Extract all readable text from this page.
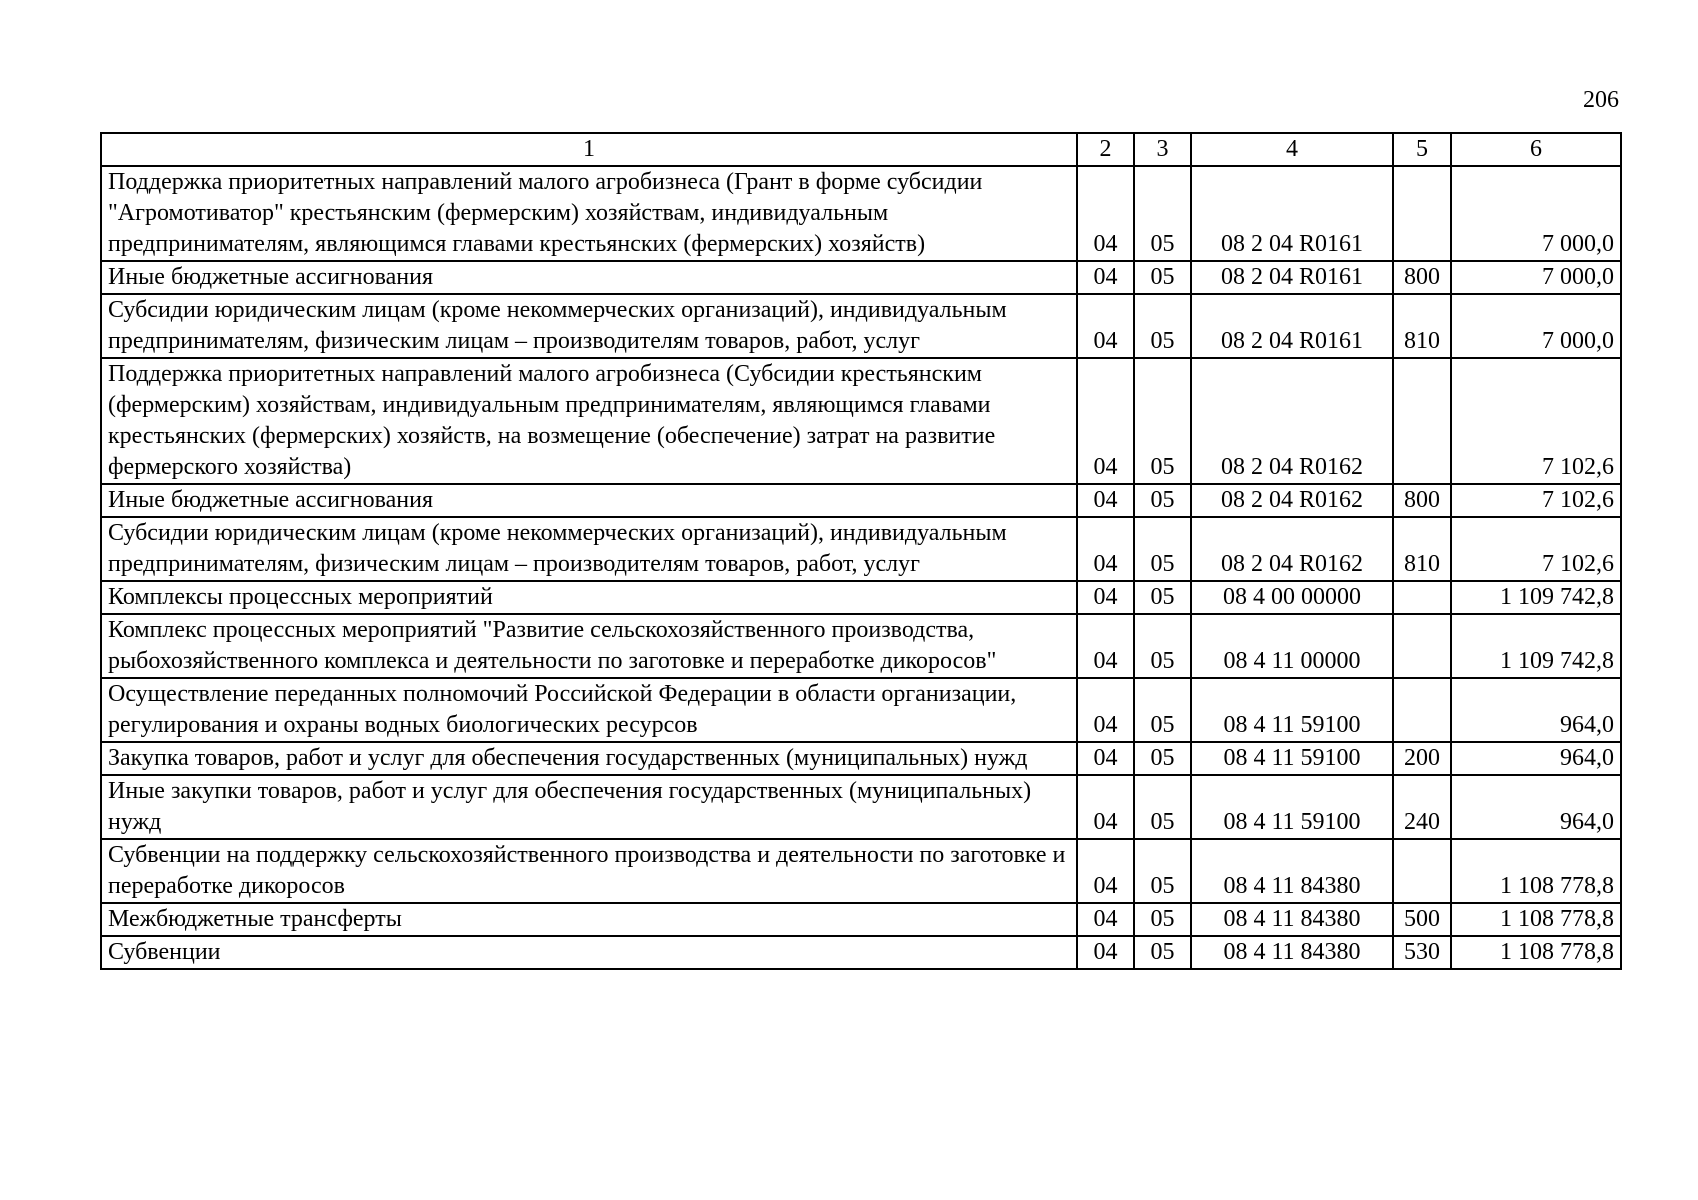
206
1	2	3	4	5	6
Поддержка приоритетных направлений малого агробизнеса (Грант в форме субсидии "Агромотиватор" крестьянским (фермерским) хозяйствам, индивидуальным предпринимателям, являющимся главами крестьянских (фермерских) хозяйств)	04	05	08 2 04 R0161		7 000,0
Иные бюджетные ассигнования	04	05	08 2 04 R0161	800	7 000,0
Субсидии юридическим лицам (кроме некоммерческих организаций), индивидуальным предпринимателям, физическим лицам – производителям товаров, работ, услуг	04	05	08 2 04 R0161	810	7 000,0
Поддержка приоритетных направлений малого агробизнеса (Субсидии крестьянским (фермерским) хозяйствам, индивидуальным предпринимателям, являющимся главами крестьянских (фермерских) хозяйств, на возмещение (обеспечение) затрат на развитие фермерского хозяйства)	04	05	08 2 04 R0162		7 102,6
Иные бюджетные ассигнования	04	05	08 2 04 R0162	800	7 102,6
Субсидии юридическим лицам (кроме некоммерческих организаций), индивидуальным предпринимателям, физическим лицам – производителям товаров, работ, услуг	04	05	08 2 04 R0162	810	7 102,6
Комплексы процессных мероприятий	04	05	08 4 00 00000		1 109 742,8
Комплекс процессных мероприятий "Развитие сельскохозяйственного производства, рыбохозяйственного комплекса и деятельности по заготовке и переработке дикоросов"	04	05	08 4 11 00000		1 109 742,8
Осуществление переданных полномочий Российской Федерации в области организации, регулирования и охраны водных биологических ресурсов	04	05	08 4 11 59100		964,0
Закупка товаров, работ и услуг для обеспечения государственных (муниципальных) нужд	04	05	08 4 11 59100	200	964,0
Иные закупки товаров, работ и услуг для обеспечения государственных (муниципальных) нужд	04	05	08 4 11 59100	240	964,0
Субвенции на поддержку сельскохозяйственного производства и деятельности по заготовке и переработке дикоросов	04	05	08 4 11 84380		1 108 778,8
Межбюджетные трансферты	04	05	08 4 11 84380	500	1 108 778,8
Субвенции	04	05	08 4 11 84380	530	1 108 778,8
